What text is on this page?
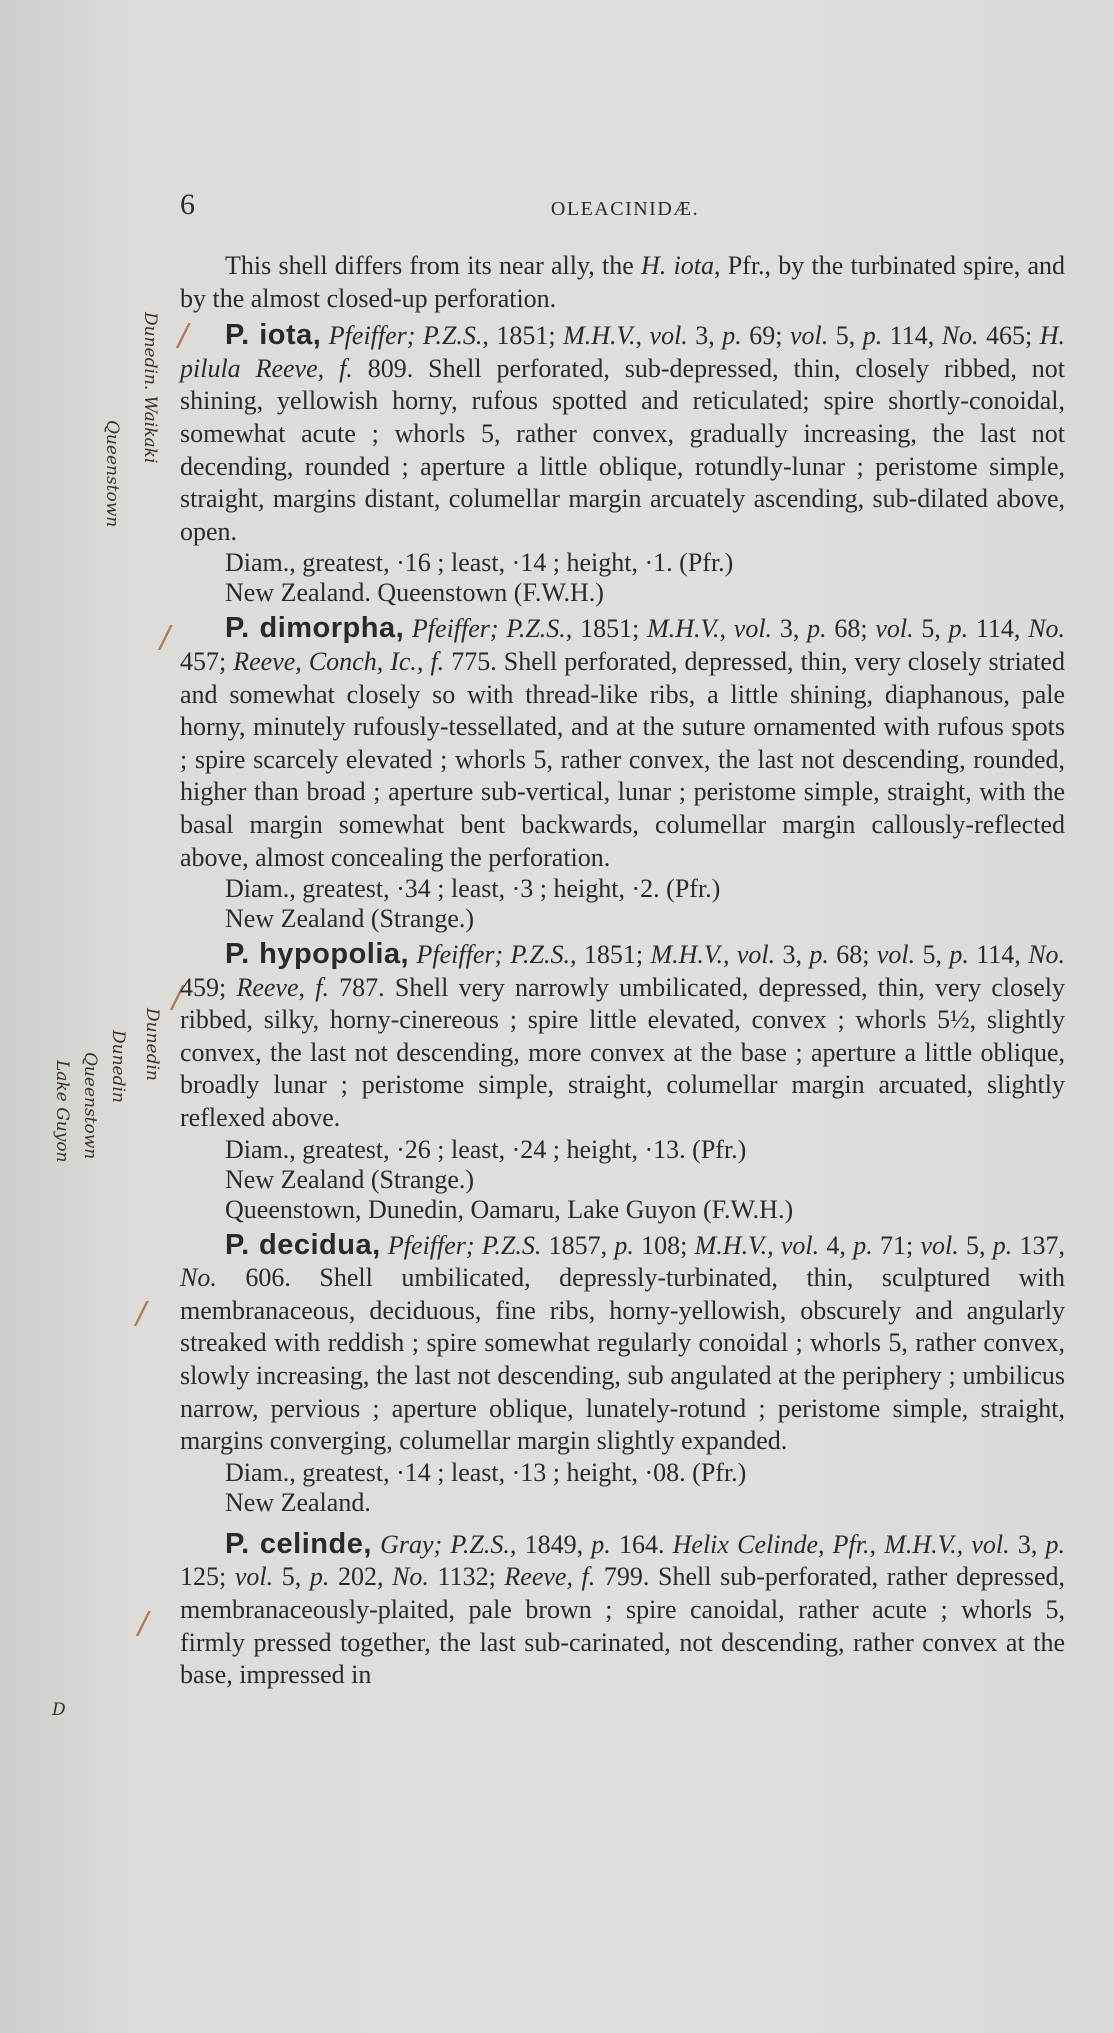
6	OLEACINIDÆ.
Dunedin. Waikaki
Queenstown
Dunedin
Dunedin
Queenstown
Lake Guyon
D
/
/
/
/
/

This shell differs from its near ally, the H. iota, Pfr., by the turbinated spire, and by the almost closed-up perforation.

P. iota, Pfeiffer; P.Z.S., 1851; M.H.V., vol. 3, p. 69; vol. 5, p. 114, No. 465; H. pilula Reeve, f. 809. Shell perforated, sub-depressed, thin, closely ribbed, not shining, yellowish horny, rufous spotted and reticulated; spire shortly-conoidal, somewhat acute ; whorls 5, rather convex, gradually increasing, the last not decending, rounded ; aperture a little oblique, rotundly-lunar ; peristome simple, straight, margins distant, columellar margin arcuately ascending, sub-dilated above, open.

Diam., greatest, ·16 ; least, ·14 ; height, ·1. (Pfr.)

New Zealand. Queenstown (F.W.H.)

P. dimorpha, Pfeiffer; P.Z.S., 1851; M.H.V., vol. 3, p. 68; vol. 5, p. 114, No. 457; Reeve, Conch, Ic., f. 775. Shell perforated, depressed, thin, very closely striated and somewhat closely so with thread-like ribs, a little shining, diaphanous, pale horny, minutely rufously-tessellated, and at the suture ornamented with rufous spots ; spire scarcely elevated ; whorls 5, rather convex, the last not descending, rounded, higher than broad ; aperture sub-vertical, lunar ; peristome simple, straight, with the basal margin somewhat bent backwards, columellar margin callously-reflected above, almost concealing the perforation.

Diam., greatest, ·34 ; least, ·3 ; height, ·2. (Pfr.)

New Zealand (Strange.)

P. hypopolia, Pfeiffer; P.Z.S., 1851; M.H.V., vol. 3, p. 68; vol. 5, p. 114, No. 459; Reeve, f. 787. Shell very narrowly umbilicated, depressed, thin, very closely ribbed, silky, horny-cinereous ; spire little elevated, convex ; whorls 5½, slightly convex, the last not descending, more convex at the base ; aperture a little oblique, broadly lunar ; peristome simple, straight, columellar margin arcuated, slightly reflexed above.

Diam., greatest, ·26 ; least, ·24 ; height, ·13. (Pfr.)

New Zealand (Strange.)

Queenstown, Dunedin, Oamaru, Lake Guyon (F.W.H.)

P. decidua, Pfeiffer; P.Z.S. 1857, p. 108; M.H.V., vol. 4, p. 71; vol. 5, p. 137, No. 606. Shell umbilicated, depressly-turbinated, thin, sculptured with membranaceous, deciduous, fine ribs, horny-yellowish, obscurely and angularly streaked with reddish ; spire somewhat regularly conoidal ; whorls 5, rather convex, slowly increasing, the last not descending, sub angulated at the periphery ; umbilicus narrow, pervious ; aperture oblique, lunately-rotund ; peristome simple, straight, margins converging, columellar margin slightly expanded.

Diam., greatest, ·14 ; least, ·13 ; height, ·08. (Pfr.)

New Zealand.

P. celinde, Gray; P.Z.S., 1849, p. 164. Helix Celinde, Pfr., M.H.V., vol. 3, p. 125; vol. 5, p. 202, No. 1132; Reeve, f. 799. Shell sub-perforated, rather depressed, membranaceously-plaited, pale brown ; spire canoidal, rather acute ; whorls 5, firmly pressed together, the last sub-carinated, not descending, rather convex at the base, impressed in
